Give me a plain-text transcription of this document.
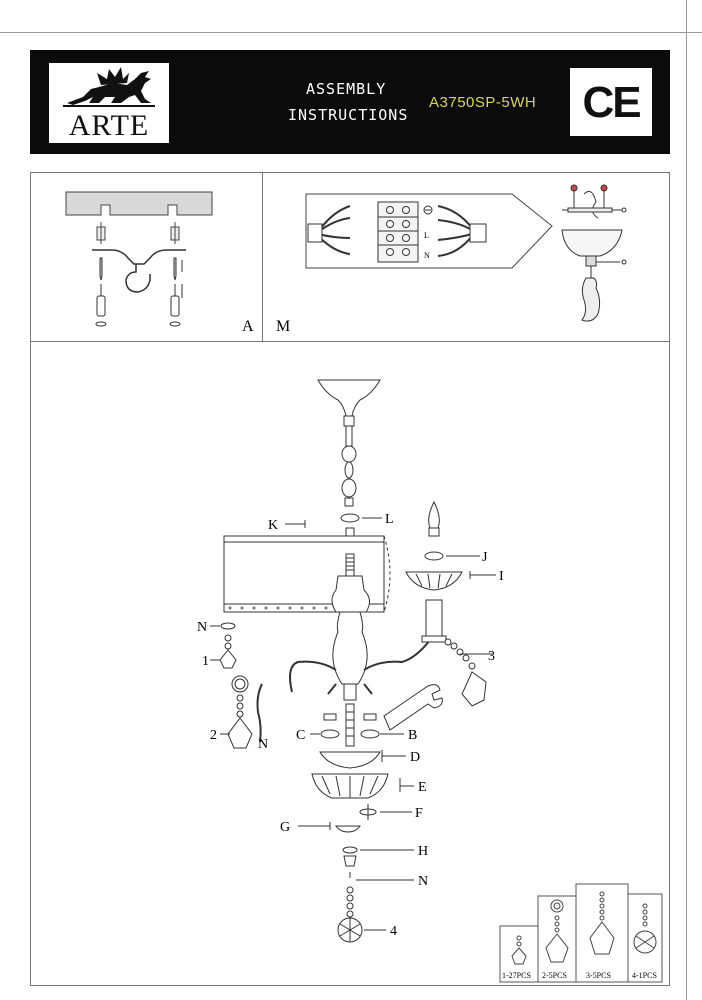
ARTE
ASSEMBLY
INSTRUCTIONS
A3750SP-5WH CE
A M
N
L
L
K
J
I
3
N
1
2
N
C	B
D
E
F
G
H
N
4
1-27PCS 2-5PCS 3-5PCS	4-1PCS
